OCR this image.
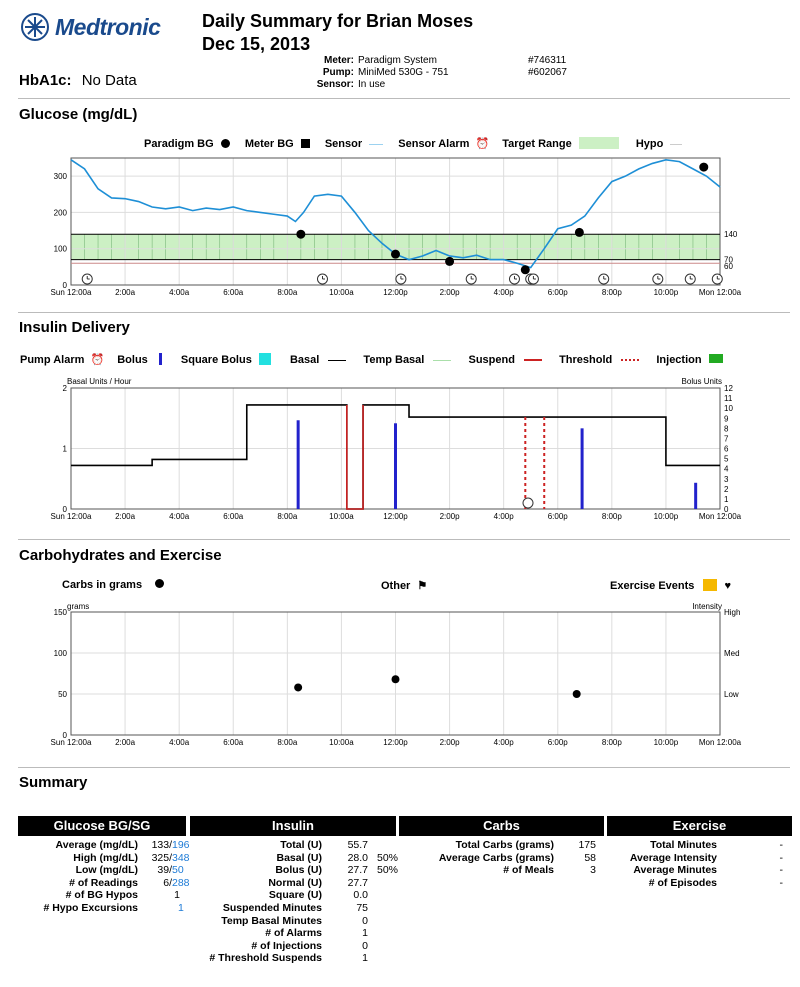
Medtronic Daily Summary for Brian Moses
Dec 15, 2013
Meter: Paradigm System	#746311
Pump: MiniMed 530G - 751	#602067
Sensor: In use
HbA1c: No Data
Glucose (mg/dL)
Paradigm BG	Meter BG	Sensor	Sensor Alarm ⏰ Target Range	Hypo
0
100
200
300
Sun 12:00a	2:00a	4:00a	6:00a	8:00a	10:00a	12:00p	2:00p	4:00p	6:00p	8:00p	10:00p	Mon 12:00a
140
70
60
Insulin Delivery
Pump Alarm ⏰ Bolus	Square Bolus	Basal	Temp Basal	Suspend	Threshold	Injection
Basal Units / Hour	Bolus Units
0
1
2
Sun 12:00a	2:00a	4:00a	6:00a	8:00a	10:00a	12:00p	2:00p	4:00p	6:00p	8:00p	10:00p	Mon 12:00a
0
1
2
3
4
5
6
7
8
9
10
11
12
Carbohydrates and Exercise
Carbs in grams	Other ⚑	Exercise Events	♥
grams	Intensity
0
50
100
150
Sun 12:00a	2:00a	4:00a	6:00a	8:00a	10:00a	12:00p	2:00p	4:00p	6:00p	8:00p	10:00p	Mon 12:00a
High
Med
Low
Summary
Glucose BG/SG	Insulin	Carbs	Exercise
Average (mg/dL) 133/196
High (mg/dL) 325/348
Low (mg/dL) 39/50
# of Readings 6/288
# of BG Hypos	1
# Hypo Excursions	1
Total (U) 55.7
Basal (U) 28.0 50%
Bolus (U) 27.7 50%
Normal (U) 27.7
Square (U)	0.0
Suspended Minutes	75
Temp Basal Minutes	0
# of Alarms	1
# of Injections	0
# Threshold Suspends	1
Total Carbs (grams) 175
Average Carbs (grams)	58
# of Meals	3
Total Minutes	-
Average Intensity	-
Average Minutes	-
# of Episodes	-
